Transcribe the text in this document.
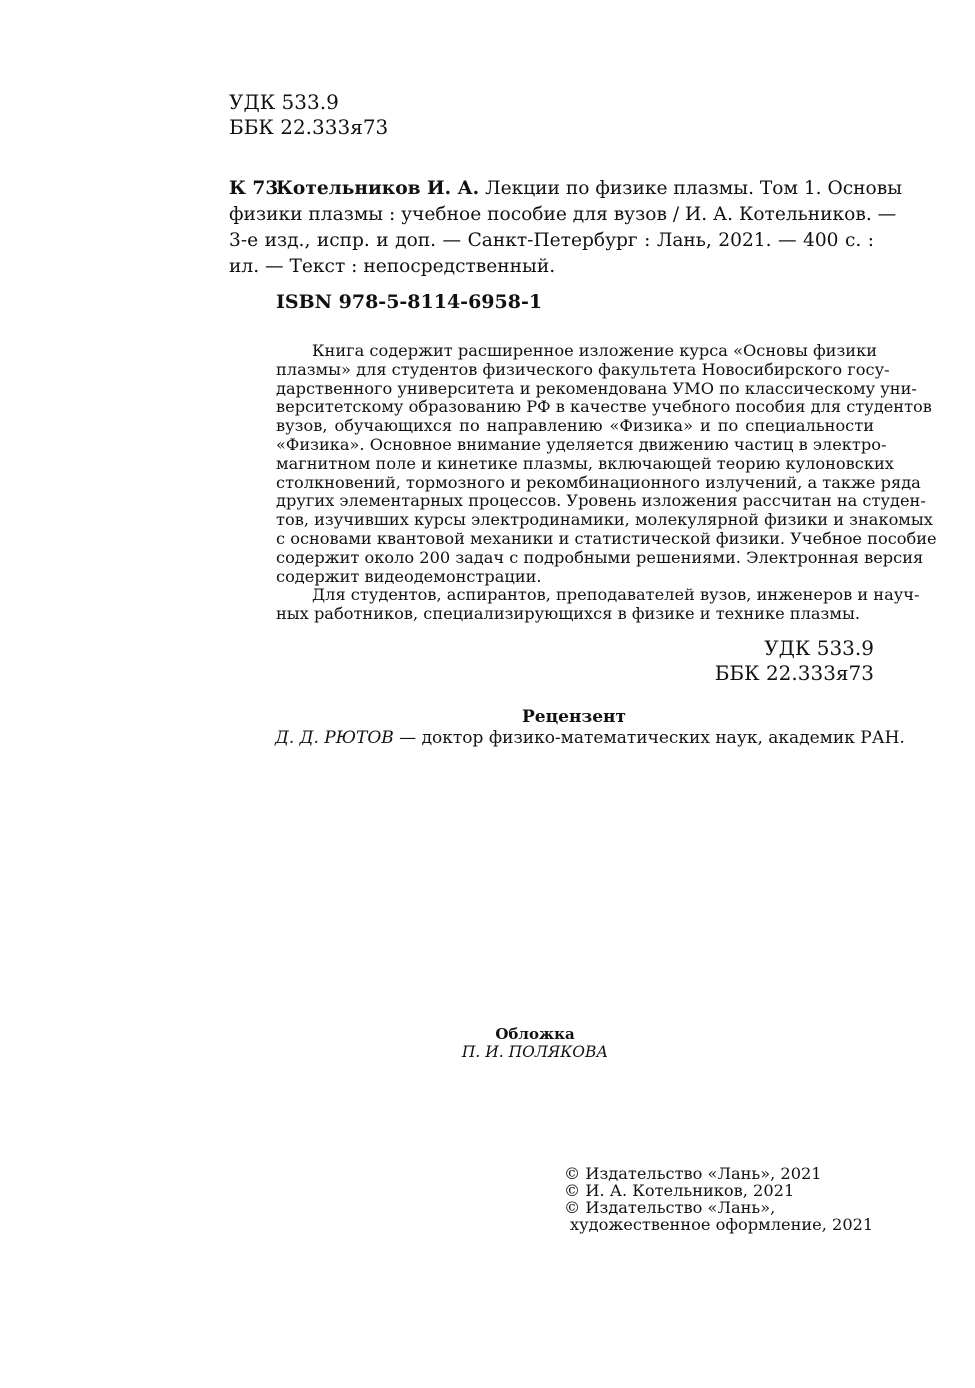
УДК 533.9
ББК 22.333я73
К 73
Котельников И. А. Лекции по физике плазмы. Том 1. Основы
физики плазмы : учебное пособие для вузов / И. А. Котельников. —
3-е изд., испр. и доп. — Санкт-Петербург : Лань, 2021. — 400 с. :
ил. — Текст : непосредственный.
ISBN 978-5-8114-6958-1
Книга содержит расширенное изложение курса «Основы физики
плазмы» для студентов физического факультета Новосибирского госу-
дарственного университета и рекомендована УМО по классическому уни-
верситетскому образованию РФ в качестве учебного пособия для студентов
вузов, обучающихся по направлению «Физика» и по специальности
«Физика». Основное внимание уделяется движению частиц в электро-
магнитном поле и кинетике плазмы, включающей теорию кулоновских
столкновений, тормозного и рекомбинационного излучений, а также ряда
других элементарных процессов. Уровень изложения рассчитан на студен-
тов, изучивших курсы электродинамики, молекулярной физики и знакомых
с основами квантовой механики и статистической физики. Учебное пособие
содержит около 200 задач с подробными решениями. Электронная версия
содержит видеодемонстрации.
Для студентов, аспирантов, преподавателей вузов, инженеров и науч-
ных работников, специализирующихся в физике и технике плазмы.
УДК 533.9
ББК 22.333я73
Рецензент
Д. Д. РЮТОВ — доктор физико-математических наук, академик РАН.
Обложка
П. И. ПОЛЯКОВА
© Издательство «Лань», 2021
© И. А. Котельников, 2021
© Издательство «Лань»,
художественное оформление, 2021
